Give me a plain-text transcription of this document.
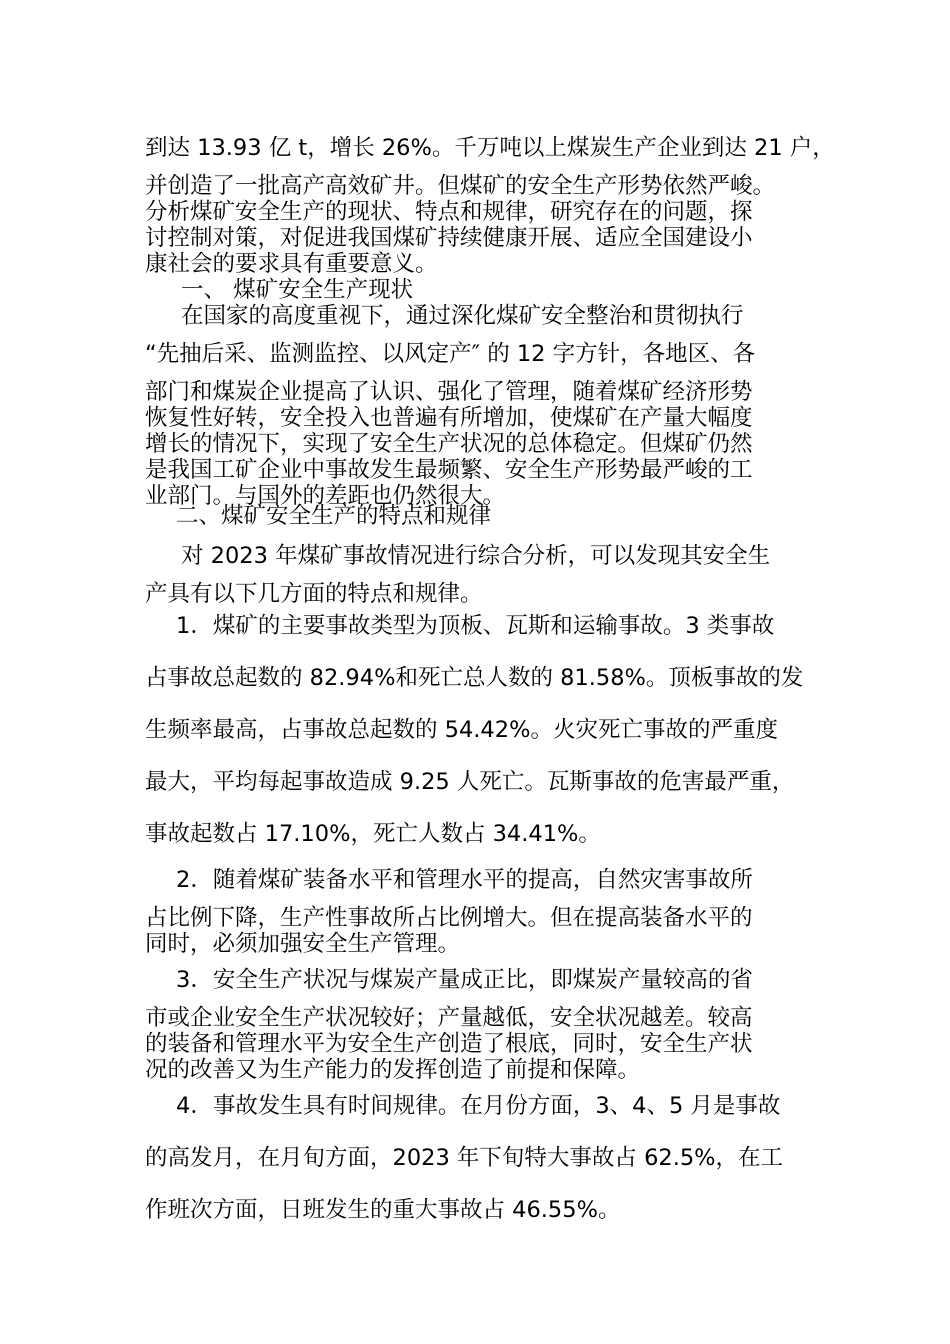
到达 13.93 亿 t，增长 26%。千万吨以上煤炭生产企业到达 21 户，
并创造了一批高产高效矿井。但煤矿的安全生产形势依然严峻。
分析煤矿安全生产的现状、特点和规律，研究存在的问题，探
讨控制对策，对促进我国煤矿持续健康开展、适应全国建设小
康社会的要求具有重要意义。
一、 煤矿安全生产现状
在国家的高度重视下，通过深化煤矿安全整治和贯彻执行
“先抽后采、监测监控、以风定产″ 的 12 字方针，各地区、各
部门和煤炭企业提高了认识、强化了管理，随着煤矿经济形势
恢复性好转，安全投入也普遍有所增加，使煤矿在产量大幅度
增长的情况下，实现了安全生产状况的总体稳定。但煤矿仍然
是我国工矿企业中事故发生最频繁、安全生产形势最严峻的工
业部门。与国外的差距也仍然很大。
二、煤矿安全生产的特点和规律
对 2023 年煤矿事故情况进行综合分析，可以发现其安全生
产具有以下几方面的特点和规律。
1．煤矿的主要事故类型为顶板、瓦斯和运输事故。3 类事故
占事故总起数的 82.94%和死亡总人数的 81.58%。顶板事故的发
生频率最高，占事故总起数的 54.42%。火灾死亡事故的严重度
最大，平均每起事故造成 9.25 人死亡。瓦斯事故的危害最严重，
事故起数占 17.10%，死亡人数占 34.41%。
2．随着煤矿装备水平和管理水平的提高，自然灾害事故所
占比例下降，生产性事故所占比例增大。但在提高装备水平的
同时，必须加强安全生产管理。
3．安全生产状况与煤炭产量成正比，即煤炭产量较高的省
市或企业安全生产状况较好；产量越低，安全状况越差。较高
的装备和管理水平为安全生产创造了根底，同时，安全生产状
况的改善又为生产能力的发挥创造了前提和保障。
4．事故发生具有时间规律。在月份方面，3、4、5 月是事故
的高发月，在月旬方面，2023 年下旬特大事故占 62.5%，在工
作班次方面，日班发生的重大事故占 46.55%。
